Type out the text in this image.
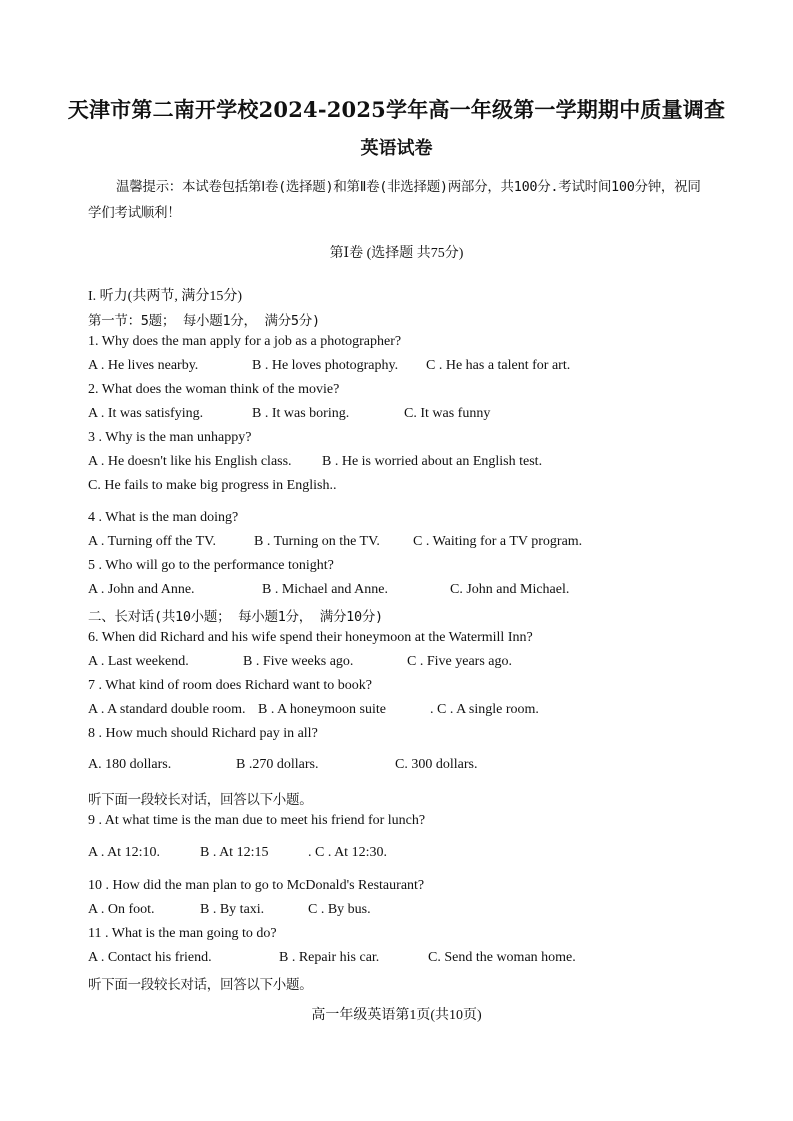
天津市第二南开学校2024-2025学年高一年级第一学期期中质量调查
英语试卷
温馨提示：本试卷包括第Ⅰ卷(选择题)和第Ⅱ卷(非选择题)两部分，共100分.考试时间100分钟，祝同学们考试顺利！
第Ⅰ卷 (选择题 共75分)
I. 听力(共两节, 满分15分)
第一节：5题； 每小题1分， 满分5分)
1. Why does the man apply for a job as a photographer?
A . He lives nearby.	B . He loves photography. C . He has a talent for art.
2. What does the woman think of the movie?
A . It was satisfying.	B . It was boring.	C. It was funny
3 . Why is the man unhappy?
A . He doesn't like his English class. B . He is worried about an English test.
C. He fails to make big progress in English..
4 . What is the man doing?
A . Turning off the TV.	B . Turning on the TV. C . Waiting for a TV program.
5 . Who will go to the performance tonight?
A . John and Anne.	B . Michael and Anne.	C. John and Michael.
二、长对话(共10小题； 每小题1分， 满分10分)
6. When did Richard and his wife spend their honeymoon at the Watermill Inn?
A . Last weekend.	B . Five weeks ago.	C . Five years ago.
7 . What kind of room does Richard want to book?
A . A standard double room. B . A honeymoon suite	. C . A single room.
8 . How much should Richard pay in all?
A. 180 dollars.	B .270 dollars.	C. 300 dollars.
听下面一段较长对话，回答以下小题。
9 . At what time is the man due to meet his friend for lunch?
A . At 12:10.	B . At 12:15	. C . At 12:30.
10 . How did the man plan to go to McDonald's Restaurant?
A . On foot.	B . By taxi.	C . By bus.
11 . What is the man going to do?
A . Contact his friend.	B . Repair his car.	C. Send the woman home.
听下面一段较长对话，回答以下小题。
高一年级英语第1页(共10页)
